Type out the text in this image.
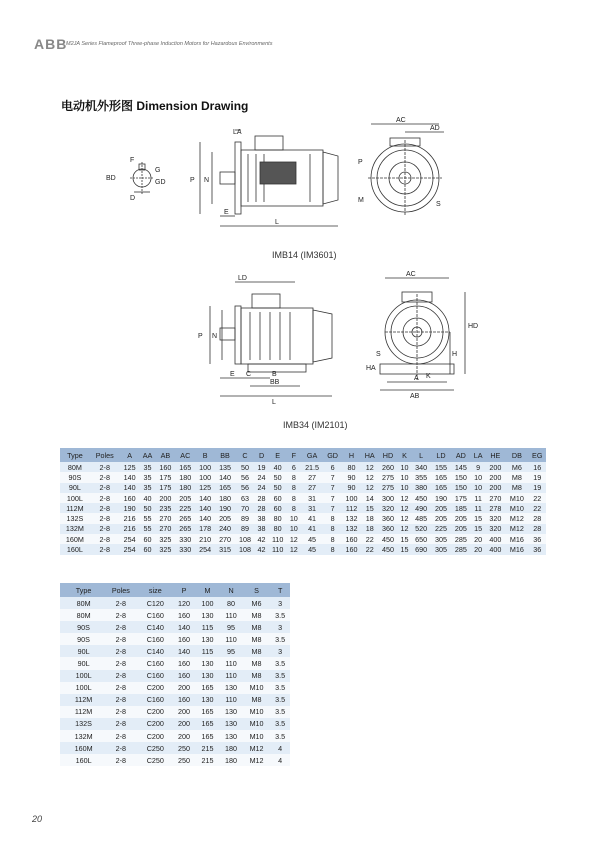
ABB
M2JA Series Flameproof Three-phase Induction Motors for Hazardous Environments
电动机外形图 Dimension Drawing
F
BD
D
G
GD
LA
P N
E
L
AC
AD
P
M
S
IMB14 (IM3601)
LD
P N
E C	B
BB
L
AC
HD
H
S
HA
A K
AB
IMB34 (IM2101)
Type	Poles	A	AA	AB	AC	B	BB	C	D	E	F	GA	GD	H	HA	HD	K	L	LD	AD	LA	HE	DB	EG
80M	2-8	125	35	160	165	100	135	50	19	40	6	21.5	6	80	12	260	10	340	155	145	9	200	M6	16
90S	2-8	140	35	175	180	100	140	56	24	50	8	27	7	90	12	275	10	355	165	150	10	200	M8	19
90L	2-8	140	35	175	180	125	165	56	24	50	8	27	7	90	12	275	10	380	165	150	10	200	M8	19
100L	2-8	160	40	200	205	140	180	63	28	60	8	31	7	100	14	300	12	450	190	175	11	270	M10	22
112M	2-8	190	50	235	225	140	190	70	28	60	8	31	7	112	15	320	12	490	205	185	11	278	M10	22
132S	2-8	216	55	270	265	140	205	89	38	80	10	41	8	132	18	360	12	485	205	205	15	320	M12	28
132M	2-8	216	55	270	265	178	240	89	38	80	10	41	8	132	18	360	12	520	225	205	15	320	M12	28
160M	2-8	254	60	325	330	210	270	108	42	110	12	45	8	160	22	450	15	650	305	285	20	400	M16	36
160L	2-8	254	60	325	330	254	315	108	42	110	12	45	8	160	22	450	15	690	305	285	20	400	M16	36
Type	Poles	size	P	M	N	S	T
80M	2-8	C120	120	100	80	M6	3
80M	2-8	C160	160	130	110	M8	3.5
90S	2-8	C140	140	115	95	M8	3
90S	2-8	C160	160	130	110	M8	3.5
90L	2-8	C140	140	115	95	M8	3
90L	2-8	C160	160	130	110	M8	3.5
100L	2-8	C160	160	130	110	M8	3.5
100L	2-8	C200	200	165	130	M10	3.5
112M	2-8	C160	160	130	110	M8	3.5
112M	2-8	C200	200	165	130	M10	3.5
132S	2-8	C200	200	165	130	M10	3.5
132M	2-8	C200	200	165	130	M10	3.5
160M	2-8	C250	250	215	180	M12	4
160L	2-8	C250	250	215	180	M12	4
20
